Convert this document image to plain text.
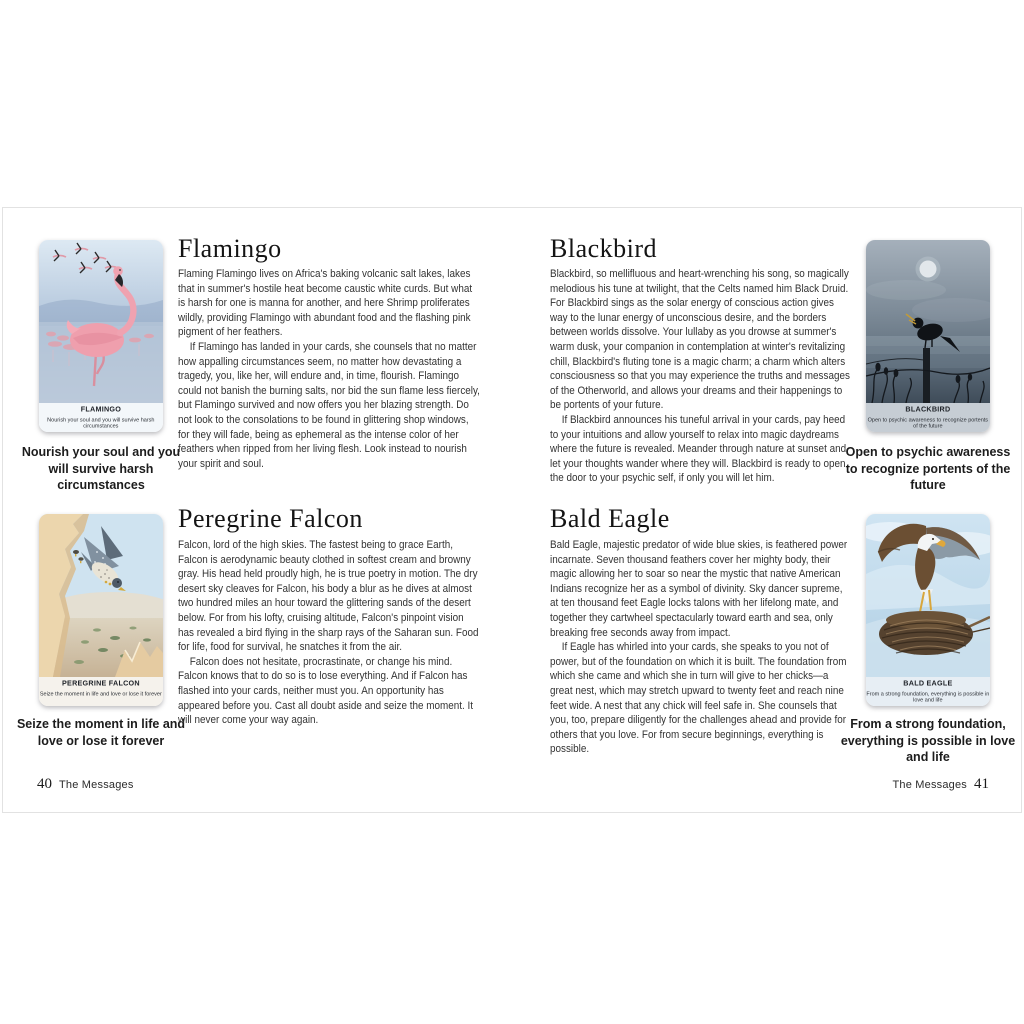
FLAMINGO
Nourish your soul and you will survive harsh circumstances
Nourish your soul and you will survive harsh circumstances
Flamingo

Flaming Flamingo lives on Africa's baking volcanic salt lakes, lakes that in summer's hostile heat become caustic white curds. But what is harsh for one is manna for another, and here Shrimp proliferates wildly, providing Flamingo with abundant food and the flashing pink pigment of her feathers.

If Flamingo has landed in your cards, she counsels that no matter how appalling circumstances seem, no matter how devastating a tragedy, you, like her, will endure and, in time, flourish. Flamingo could not banish the burning salts, nor bid the sun flame less fiercely, but Flamingo survived and now offers you her blazing strength. Do not look to the consolations to be found in glittering shop windows, for they will fade, being as ephemeral as the intense color of her feathers when ripped from her living flesh. Look instead to nourish your spirit and soul.

PEREGRINE FALCON
Seize the moment in life and love or lose it forever
Seize the moment in life and love or lose it forever
Peregrine Falcon

Falcon, lord of the high skies. The fastest being to grace Earth, Falcon is aerodynamic beauty clothed in softest cream and browny gray. His head held proudly high, he is true poetry in motion. The dry desert sky cleaves for Falcon, his body a blur as he dives at almost two hundred miles an hour toward the glittering sands of the desert below. For from his lofty, cruising altitude, Falcon's pinpoint vision has revealed a bird flying in the sharp rays of the Saharan sun. Food for life, food for survival, he snatches it from the air.

Falcon does not hesitate, procrastinate, or change his mind. Falcon knows that to do so is to lose everything. And if Falcon has flashed into your cards, neither must you. An opportunity has appeared before you. Cast all doubt aside and seize the moment. It will never come your way again.

40 The Messages
Blackbird

Blackbird, so mellifluous and heart-wrenching his song, so magically melodious his tune at twilight, that the Celts named him Black Druid. For Blackbird sings as the solar energy of conscious action gives way to the lunar energy of unconscious desire, and the borders between worlds dissolve. Your lullaby as you drowse at summer's warm dusk, your companion in contemplation at winter's revitalizing chill, Blackbird's fluting tone is a magic charm; a charm which alters consciousness so that you may experience the truths and messages of the Otherworld, and allows your dreams and their happenings to be portents of your future.

If Blackbird announces his tuneful arrival in your cards, pay heed to your intuitions and allow yourself to relax into magic daydreams where the future is revealed. Meander through nature at sunset and let your thoughts wander where they will. Blackbird is ready to open the door to your psychic self, if only you will let him.

BLACKBIRD
Open to psychic awareness to recognize portents of the future
Open to psychic awareness to recognize portents of the future
Bald Eagle

Bald Eagle, majestic predator of wide blue skies, is feathered power incarnate. Seven thousand feathers cover her mighty body, their magic allowing her to soar so near the mystic that native American Indians recognize her as a symbol of divinity. Sky dancer supreme, at ten thousand feet Eagle locks talons with her lifelong mate, and together they cartwheel spectacularly toward earth and sea, only breaking free seconds away from impact.

If Eagle has whirled into your cards, she speaks to you not of power, but of the foundation on which it is built. The foundation from which she came and which she in turn will give to her chicks—a great nest, which may stretch upward to twenty feet and reach nine feet wide. A nest that any chick will feel safe in. She counsels that you, too, prepare diligently for the challenges ahead and provide for others that you love. For from secure beginnings, everything is possible.

BALD EAGLE
From a strong foundation, everything is possible in love and life
From a strong foundation, everything is possible in love and life
The Messages 41
